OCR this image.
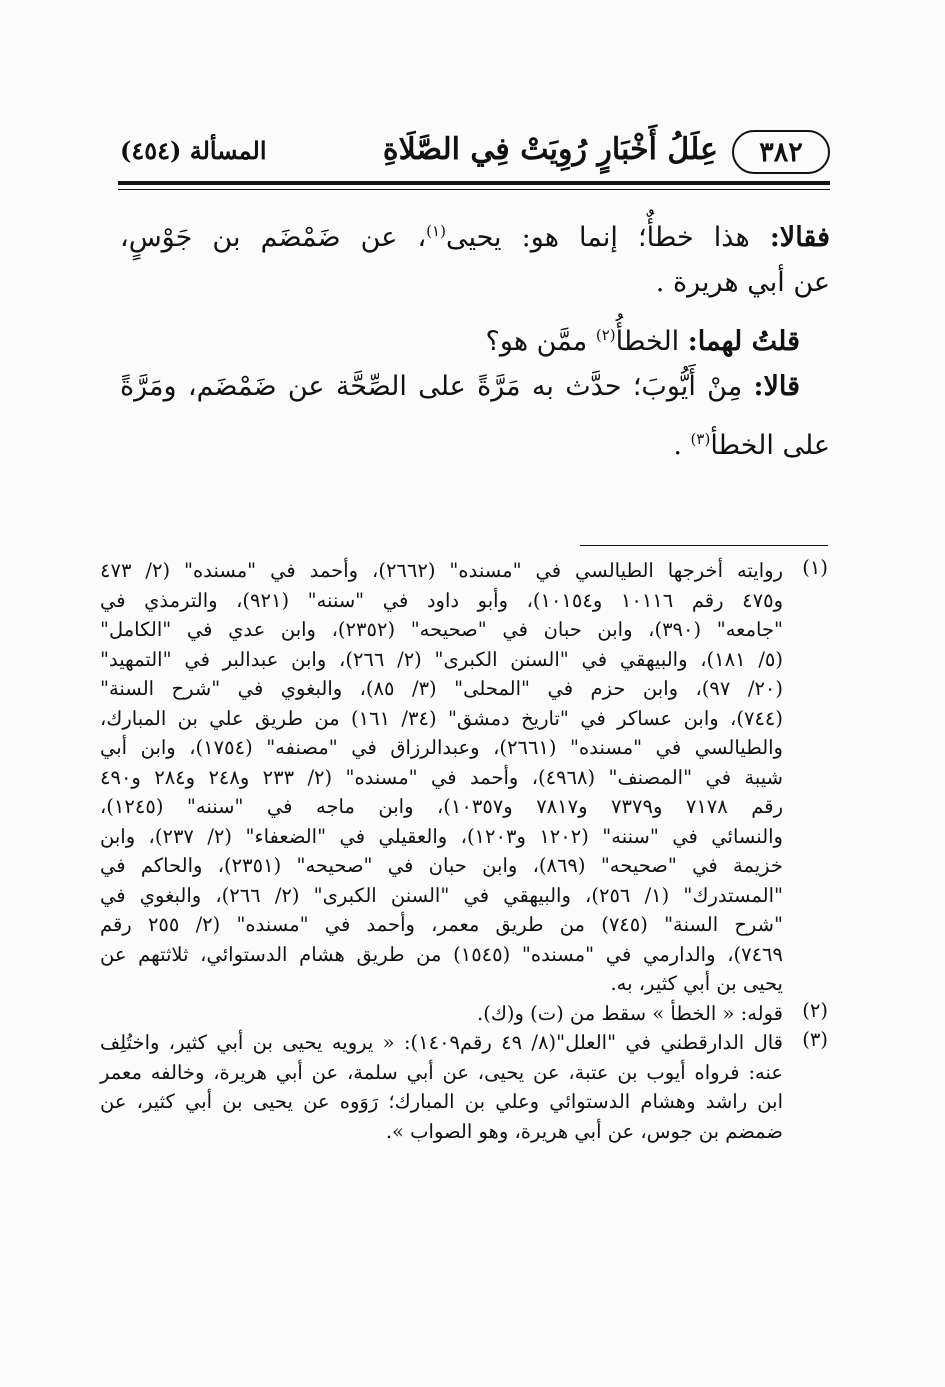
٣٨٢
عِلَلُ أَخْبَارٍ رُوِيَتْ فِي الصَّلَاةِ
المسألة (٤٥٤)
فقالا: هذا خطأٌ؛ إنما هو: يحيى$^{(١)}$، عن ضَمْضَم بن جَوْسٍ،
عن أبي هريرة .
قلتُ لهما: الخطأُ$^{(٢)}$ ممَّن هو؟
قالا: مِنْ أَيُّوبَ؛ حدَّث به مَرَّةً على الصِّحَّة عن ضَمْضَم، ومَرَّةً
على الخطأ$^{(٣)}$ .
(١)
روايته أخرجها الطيالسي في "مسنده" (٢٦٦٢)، وأحمد في "مسنده" (٢/ ٤٧٣
و٤٧٥ رقم ١٠١١٦ و١٠١٥٤)، وأبو داود في "سننه" (٩٢١)، والترمذي في
"جامعه" (٣٩٠)، وابن حبان في "صحيحه" (٢٣٥٢)، وابن عدي في "الكامل"
(٥/ ١٨١)، والبيهقي في "السنن الكبرى" (٢/ ٢٦٦)، وابن عبدالبر في "التمهيد"
(٢٠/ ٩٧)، وابن حزم في "المحلى" (٣/ ٨٥)، والبغوي في "شرح السنة"
(٧٤٤)، وابن عساكر في "تاريخ دمشق" (٣٤/ ١٦١) من طريق علي بن المبارك،
والطيالسي في "مسنده" (٢٦٦١)، وعبدالرزاق في "مصنفه" (١٧٥٤)، وابن أبي
شيبة في "المصنف" (٤٩٦٨)، وأحمد في "مسنده" (٢/ ٢٣٣ و٢٤٨ و٢٨٤ و٤٩٠
رقم ٧١٧٨ و٧٣٧٩ و٧٨١٧ و١٠٣٥٧)، وابن ماجه في "سننه" (١٢٤٥)،
والنسائي في "سننه" (١٢٠٢ و١٢٠٣)، والعقيلي في "الضعفاء" (٢/ ٢٣٧)، وابن
خزيمة في "صحيحه" (٨٦٩)، وابن حبان في "صحيحه" (٢٣٥١)، والحاكم في
"المستدرك" (١/ ٢٥٦)، والبيهقي في "السنن الكبرى" (٢/ ٢٦٦)، والبغوي في
"شرح السنة" (٧٤٥) من طريق معمر، وأحمد في "مسنده" (٢/ ٢٥٥ رقم
٧٤٦٩)، والدارمي في "مسنده" (١٥٤٥) من طريق هشام الدستوائي، ثلاثتهم عن
يحيى بن أبي كثير، به.
(٢)
قوله: « الخطأ » سقط من (ت) و(ك).
(٣)
قال الدارقطني في "العلل"(٨/ ٤٩ رقم١٤٠٩): « يرويه يحيى بن أبي كثير، واختُلِف
عنه: فرواه أيوب بن عتبة، عن يحيى، عن أبي سلمة، عن أبي هريرة، وخالفه معمر
ابن راشد وهشام الدستوائي وعلي بن المبارك؛ رَوَوه عن يحيى بن أبي كثير، عن
ضمضم بن جوس، عن أبي هريرة، وهو الصواب ».
